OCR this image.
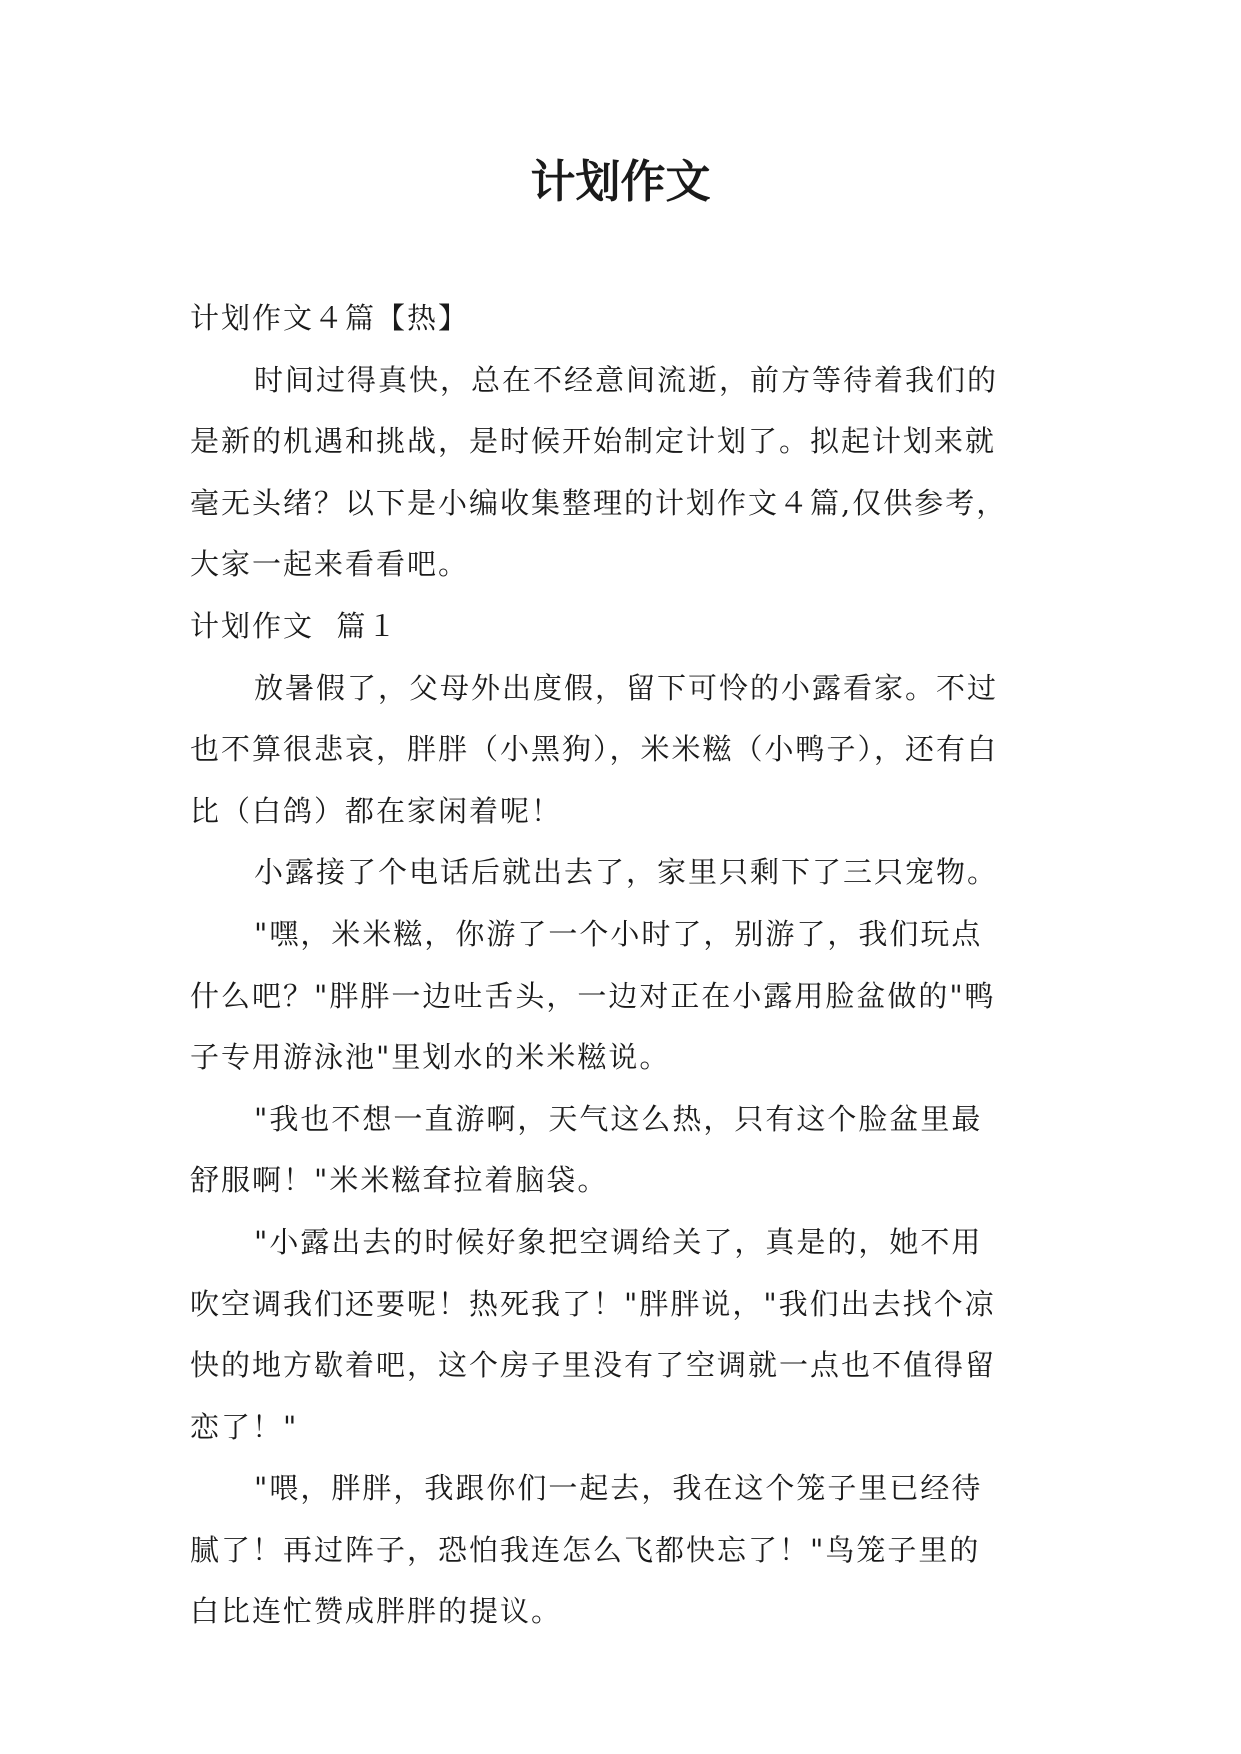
计划作文

计划作文４篇【热】

时间过得真快，总在不经意间流逝，前方等待着我们的

是新的机遇和挑战，是时候开始制定计划了。拟起计划来就

毫无头绪？以下是小编收集整理的计划作文４篇,仅供参考，

大家一起来看看吧。

计划作文  篇１

放暑假了，父母外出度假，留下可怜的小露看家。不过

也不算很悲哀，胖胖（小黑狗），米米糍（小鸭子），还有白

比（白鸽）都在家闲着呢！

小露接了个电话后就出去了，家里只剩下了三只宠物。

"嘿，米米糍，你游了一个小时了，别游了，我们玩点

什么吧？"胖胖一边吐舌头，一边对正在小露用脸盆做的"鸭

子专用游泳池"里划水的米米糍说。

"我也不想一直游啊，天气这么热，只有这个脸盆里最

舒服啊！"米米糍耷拉着脑袋。

"小露出去的时候好象把空调给关了，真是的，她不用

吹空调我们还要呢！热死我了！"胖胖说，"我们出去找个凉

快的地方歇着吧，这个房子里没有了空调就一点也不值得留

恋了！"

"喂，胖胖，我跟你们一起去，我在这个笼子里已经待

腻了！再过阵子，恐怕我连怎么飞都快忘了！"鸟笼子里的

白比连忙赞成胖胖的提议。
